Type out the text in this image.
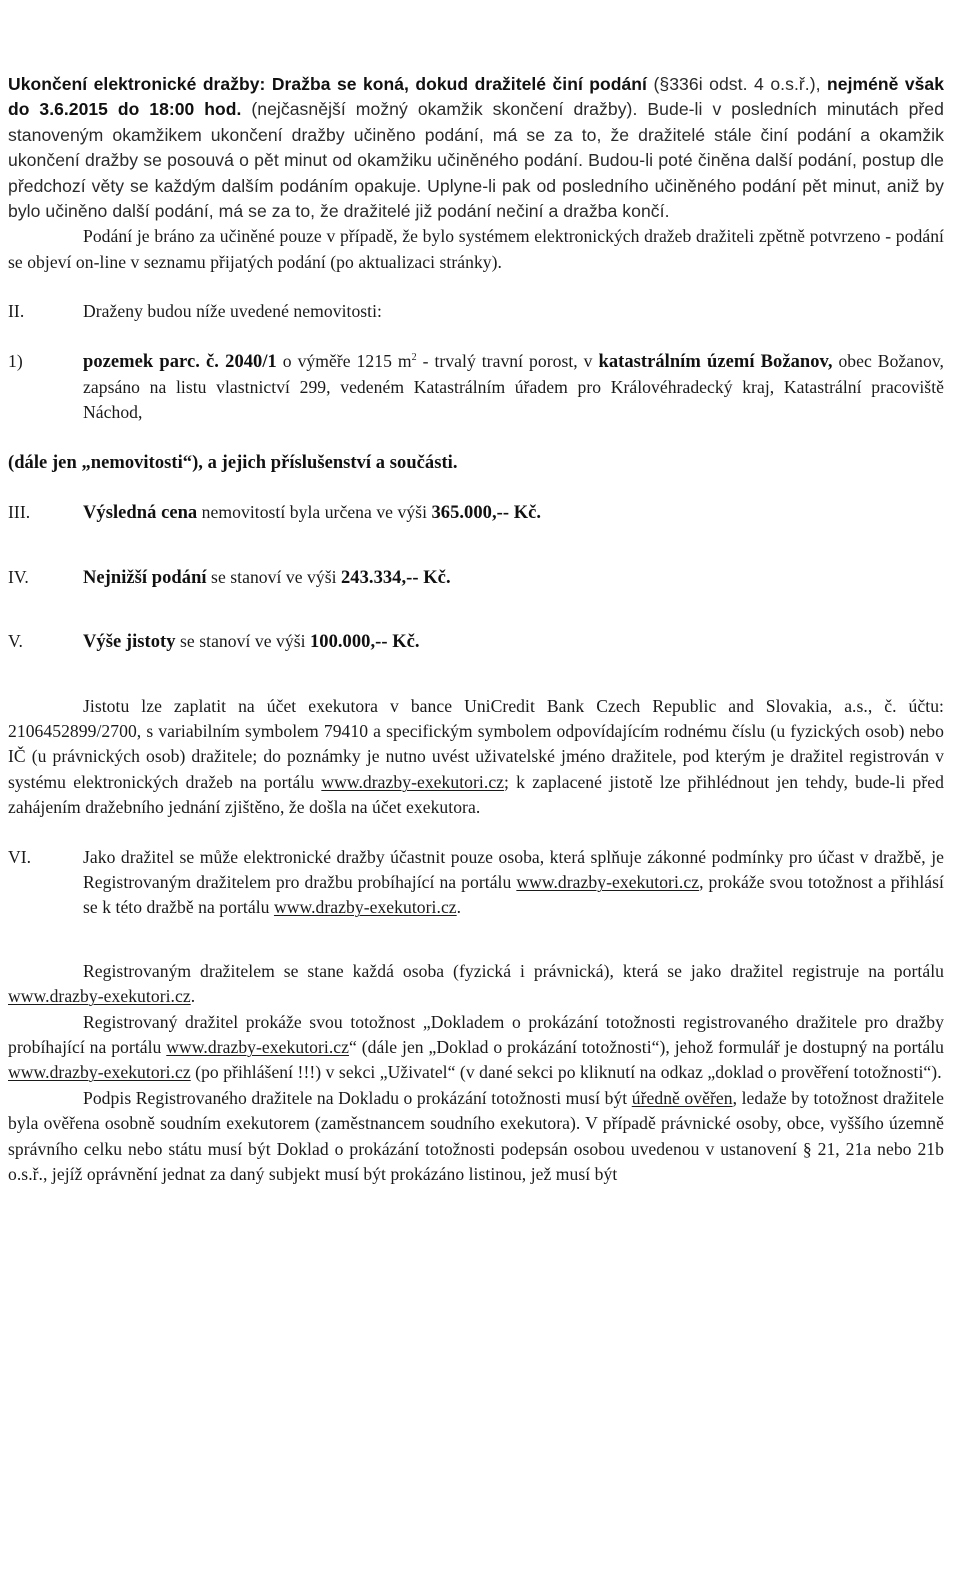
Ukončení elektronické dražby: Dražba se koná, dokud dražitelé činí podání (§336i odst. 4 o.s.ř.), nejméně však do 3.6.2015 do 18:00 hod. (nejčasnější možný okamžik skončení dražby). Bude-li v posledních minutách před stanoveným okamžikem ukončení dražby učiněno podání, má se za to, že dražitelé stále činí podání a okamžik ukončení dražby se posouvá o pět minut od okamžiku učiněného podání. Budou-li poté činěna další podání, postup dle předchozí věty se každým dalším podáním opakuje. Uplyne-li pak od posledního učiněného podání pět minut, aniž by bylo učiněno další podání, má se za to, že dražitelé již podání nečiní a dražba končí.

Podání je bráno za učiněné pouze v případě, že bylo systémem elektronických dražeb dražiteli zpětně potvrzeno - podání se objeví on-line v seznamu přijatých podání (po aktualizaci stránky).

II.	Draženy budou níže uvedené nemovitosti:

1)	pozemek parc. č. 2040/1 o výměře 1215 $m^2$ - trvalý travní porost, v katastrálním území Božanov, obec Božanov, zapsáno na listu vlastnictví 299, vedeném Katastrálním úřadem pro Královéhradecký kraj, Katastrální pracoviště Náchod,

(dále jen „nemovitosti“), a jejich příslušenství a součásti.

III.	Výsledná cena nemovitostí byla určena ve výši 365.000,-- Kč.
IV.	Nejnižší podání se stanoví ve výši 243.334,-- Kč.
V.	Výše jistoty se stanoví ve výši 100.000,-- Kč.

Jistotu lze zaplatit na účet exekutora v bance UniCredit Bank Czech Republic and Slovakia, a.s., č. účtu: 2106452899/2700, s variabilním symbolem 79410 a specifickým symbolem odpovídajícím rodnému číslu (u fyzických osob) nebo IČ (u právnických osob) dražitele; do poznámky je nutno uvést uživatelské jméno dražitele, pod kterým je dražitel registrován v systému elektronických dražeb na portálu www.drazby-exekutori.cz; k zaplacené jistotě lze přihlédnout jen tehdy, bude-li před zahájením dražebního jednání zjištěno, že došla na účet exekutora.

VI.	Jako dražitel se může elektronické dražby účastnit pouze osoba, která splňuje zákonné podmínky pro účast v dražbě, je Registrovaným dražitelem pro dražbu probíhající na portálu www.drazby-exekutori.cz, prokáže svou totožnost a přihlásí se k této dražbě na portálu www.drazby-exekutori.cz.

Registrovaným dražitelem se stane každá osoba (fyzická i právnická), která se jako dražitel registruje na portálu www.drazby-exekutori.cz.

Registrovaný dražitel prokáže svou totožnost „Dokladem o prokázání totožnosti registrovaného dražitele pro dražby probíhající na portálu www.drazby-exekutori.cz“ (dále jen „Doklad o prokázání totožnosti“), jehož formulář je dostupný na portálu www.drazby-exekutori.cz (po přihlášení !!!) v sekci „Uživatel“ (v dané sekci po kliknutí na odkaz „doklad o prověření totožnosti“).

Podpis Registrovaného dražitele na Dokladu o prokázání totožnosti musí být úředně ověřen, ledaže by totožnost dražitele byla ověřena osobně soudním exekutorem (zaměstnancem soudního exekutora). V případě právnické osoby, obce, vyššího územně správního celku nebo státu musí být Doklad o prokázání totožnosti podepsán osobou uvedenou v ustanovení § 21, 21a nebo 21b o.s.ř., jejíž oprávnění jednat za daný subjekt musí být prokázáno listinou, jež musí být
